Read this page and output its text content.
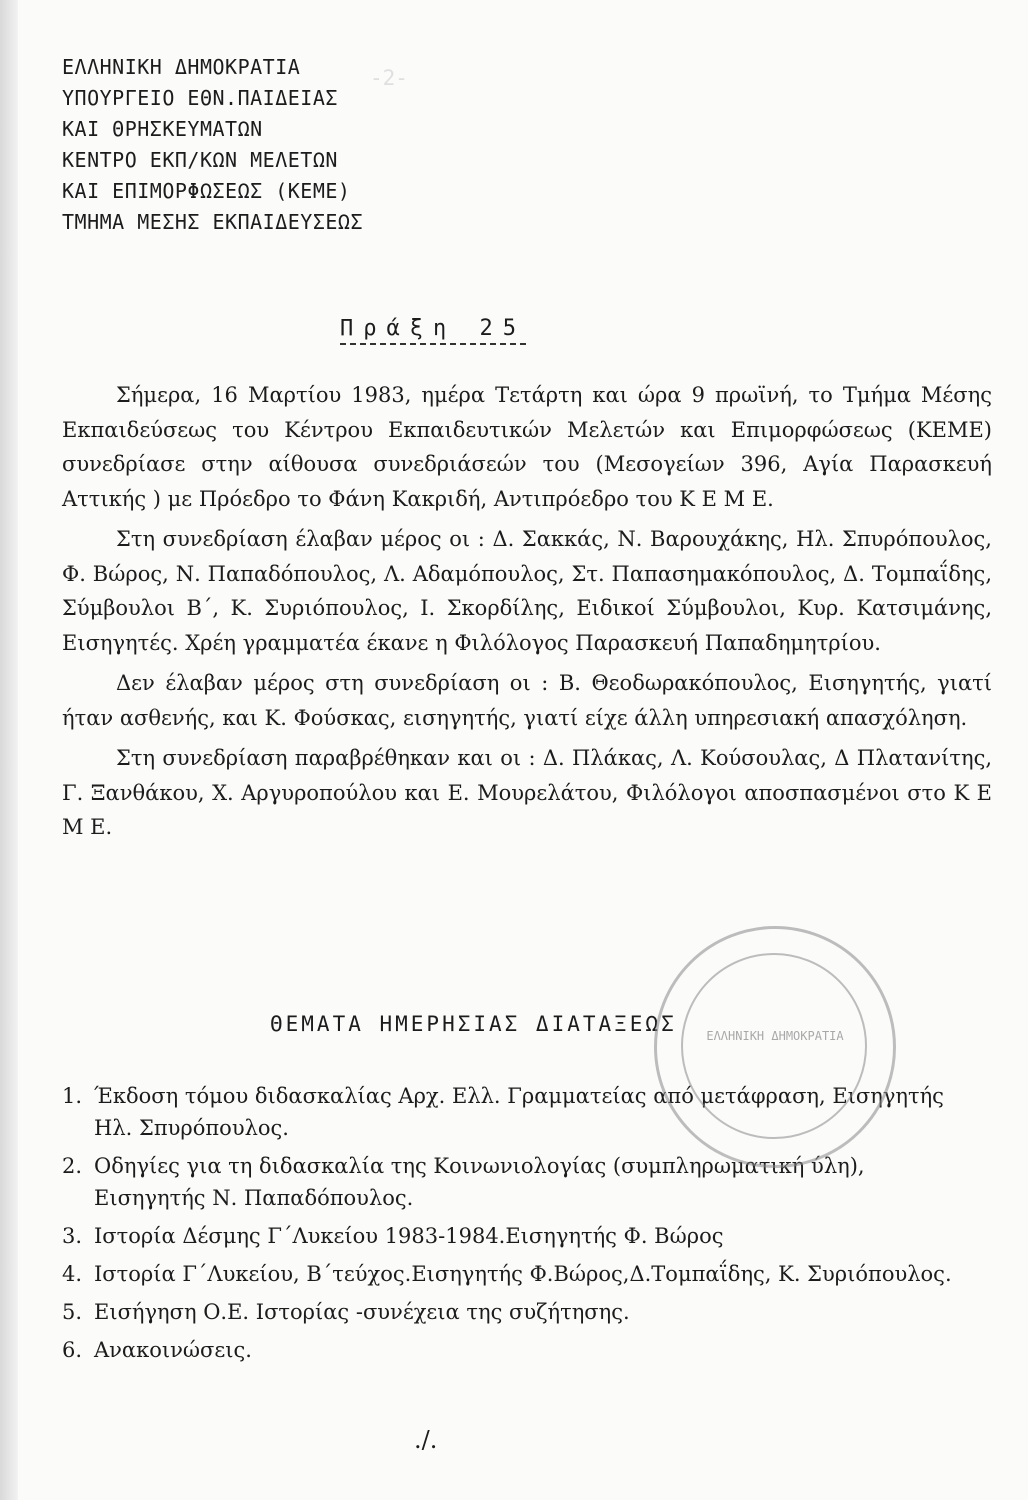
-2-
ΕΛΛΗΝΙΚΗ ΔΗΜΟΚΡΑΤΙΑ
ΥΠΟΥΡΓΕΙΟ ΕΘΝ.ΠΑΙΔΕΙΑΣ
ΚΑΙ ΘΡΗΣΚΕΥΜΑΤΩΝ
ΚΕΝΤΡΟ ΕΚΠ/ΚΩΝ ΜΕΛΕΤΩΝ
ΚΑΙ ΕΠΙΜΟΡΦΩΣΕΩΣ (ΚΕΜΕ)
ΤΜΗΜΑ ΜΕΣΗΣ ΕΚΠΑΙΔΕΥΣΕΩΣ
Πράξη 25

Σήμερα, 16 Μαρτίου 1983, ημέρα Τετάρτη και ώρα 9 πρωϊνή, το Τμήμα Μέσης Εκπαιδεύσεως του Κέντρου Εκπαιδευτικών Μελετών και Επιμορφώσεως (ΚΕΜΕ) συνεδρίασε στην αίθουσα συνεδριάσεών του (Μεσογείων 396, Αγία Παρασκευή Αττικής ) με Πρόεδρο το Φάνη Κακριδή, Αντιπρόεδρο του Κ Ε Μ Ε.

Στη συνεδρίαση έλαβαν μέρος οι : Δ. Σακκάς, Ν. Βαρουχάκης, Ηλ. Σπυρόπουλος, Φ. Βώρος, Ν. Παπαδόπουλος, Λ. Αδαμόπουλος, Στ. Παπασημακόπουλος, Δ. Τομπαΐδης, Σύμβουλοι Β΄, Κ. Συριόπουλος, Ι. Σκορδίλης, Ειδικοί Σύμβουλοι, Κυρ. Κατσιμάνης, Εισηγητές. Χρέη γραμματέα έκανε η Φιλόλογος Παρασκευή Παπαδημητρίου.

Δεν έλαβαν μέρος στη συνεδρίαση οι : Β. Θεοδωρακόπουλος, Εισηγητής, γιατί ήταν ασθενής, και Κ. Φούσκας, εισηγητής, γιατί είχε άλλη υπηρεσιακή απασχόληση.

Στη συνεδρίαση παραβρέθηκαν και οι : Δ. Πλάκας, Λ. Κούσουλας, Δ Πλατανίτης, Γ. Ξανθάκου, Χ. Αργυροπούλου και Ε. Μουρελάτου, Φιλόλογοι αποσπασμένοι στο Κ Ε Μ Ε.

ΘΕΜΑΤΑ ΗΜΕΡΗΣΙΑΣ ΔΙΑΤΑΞΕΩΣ
1. Έκδοση τόμου διδασκαλίας Αρχ. Ελλ. Γραμματείας από μετάφραση, Εισηγητής Ηλ. Σπυρόπουλος.
2. Οδηγίες για τη διδασκαλία της Κοινωνιολογίας (συμπληρωματική ύλη), Εισηγητής Ν. Παπαδόπουλος.
3. Ιστορία Δέσμης Γ΄Λυκείου 1983-1984.Εισηγητής Φ. Βώρος
4. Ιστορία Γ΄Λυκείου, Β΄τεύχος.Εισηγητής Φ.Βώρος,Δ.Τομπαΐδης, Κ. Συριόπουλος.
5. Εισήγηση Ο.Ε. Ιστορίας -συνέχεια της συζήτησης.
6. Ανακοινώσεις.
ΕΛΛΗΝΙΚΗ ΔΗΜΟΚΡΑΤΙΑ
./.
